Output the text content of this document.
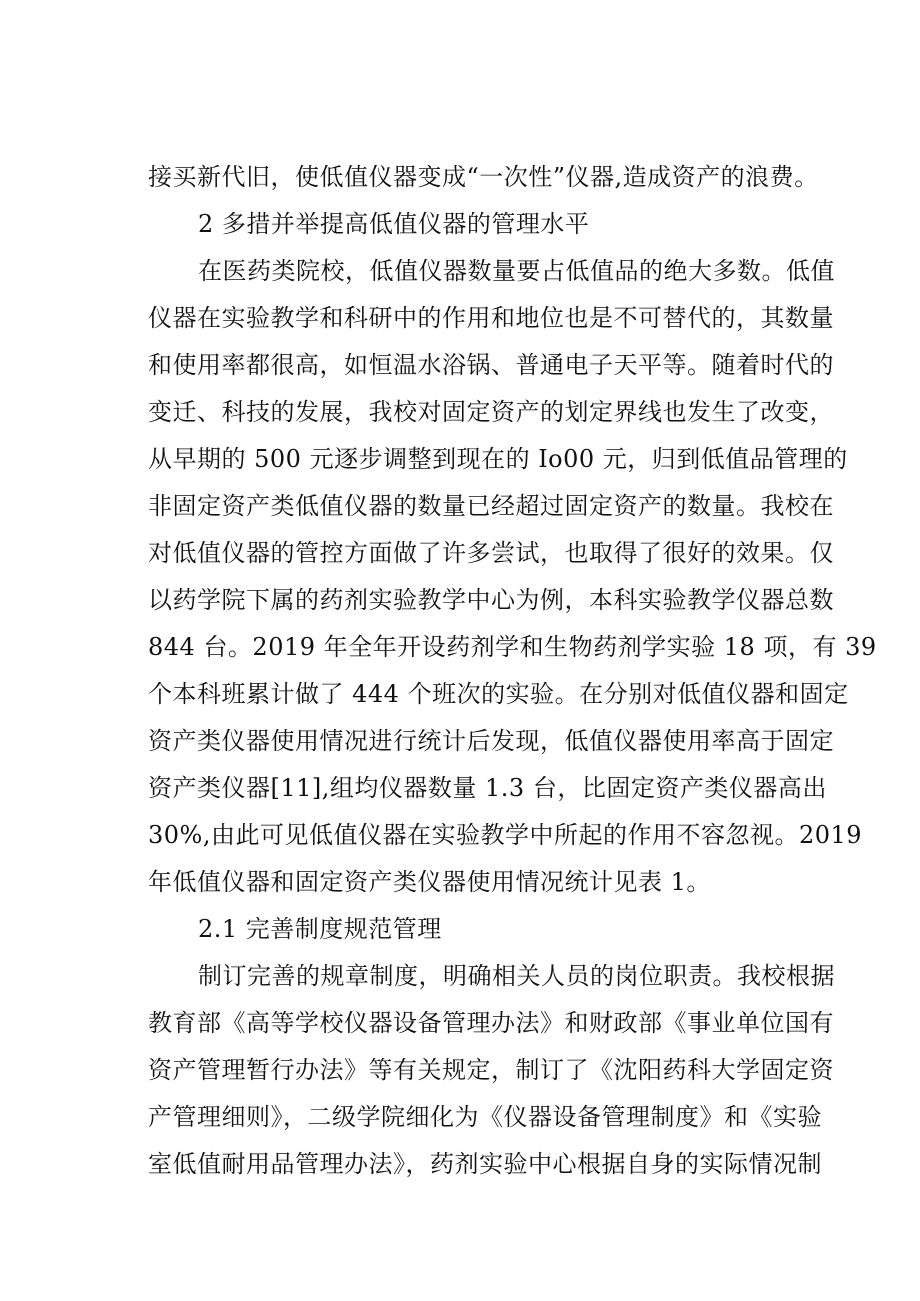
接买新代旧，使低值仪器变成“一次性”仪器,造成资产的浪费。
2 多措并举提高低值仪器的管理水平
在医药类院校，低值仪器数量要占低值品的绝大多数。低值
仪器在实验教学和科研中的作用和地位也是不可替代的，其数量
和使用率都很高，如恒温水浴锅、普通电子天平等。随着时代的
变迁、科技的发展，我校对固定资产的划定界线也发生了改变，
从早期的 500 元逐步调整到现在的 Io00 元，归到低值品管理的
非固定资产类低值仪器的数量已经超过固定资产的数量。我校在
对低值仪器的管控方面做了许多尝试，也取得了很好的效果。仅
以药学院下属的药剂实验教学中心为例，本科实验教学仪器总数
844 台。2019 年全年开设药剂学和生物药剂学实验 18 项，有 39
个本科班累计做了 444 个班次的实验。在分别对低值仪器和固定
资产类仪器使用情况进行统计后发现，低值仪器使用率高于固定
资产类仪器[11],组均仪器数量 1.3 台，比固定资产类仪器高出
30%,由此可见低值仪器在实验教学中所起的作用不容忽视。2019
年低值仪器和固定资产类仪器使用情况统计见表 1。
2.1 完善制度规范管理
制订完善的规章制度，明确相关人员的岗位职责。我校根据
教育部《高等学校仪器设备管理办法》和财政部《事业单位国有
资产管理暂行办法》等有关规定，制订了《沈阳药科大学固定资
产管理细则》，二级学院细化为《仪器设备管理制度》和《实验
室低值耐用品管理办法》，药剂实验中心根据自身的实际情况制
